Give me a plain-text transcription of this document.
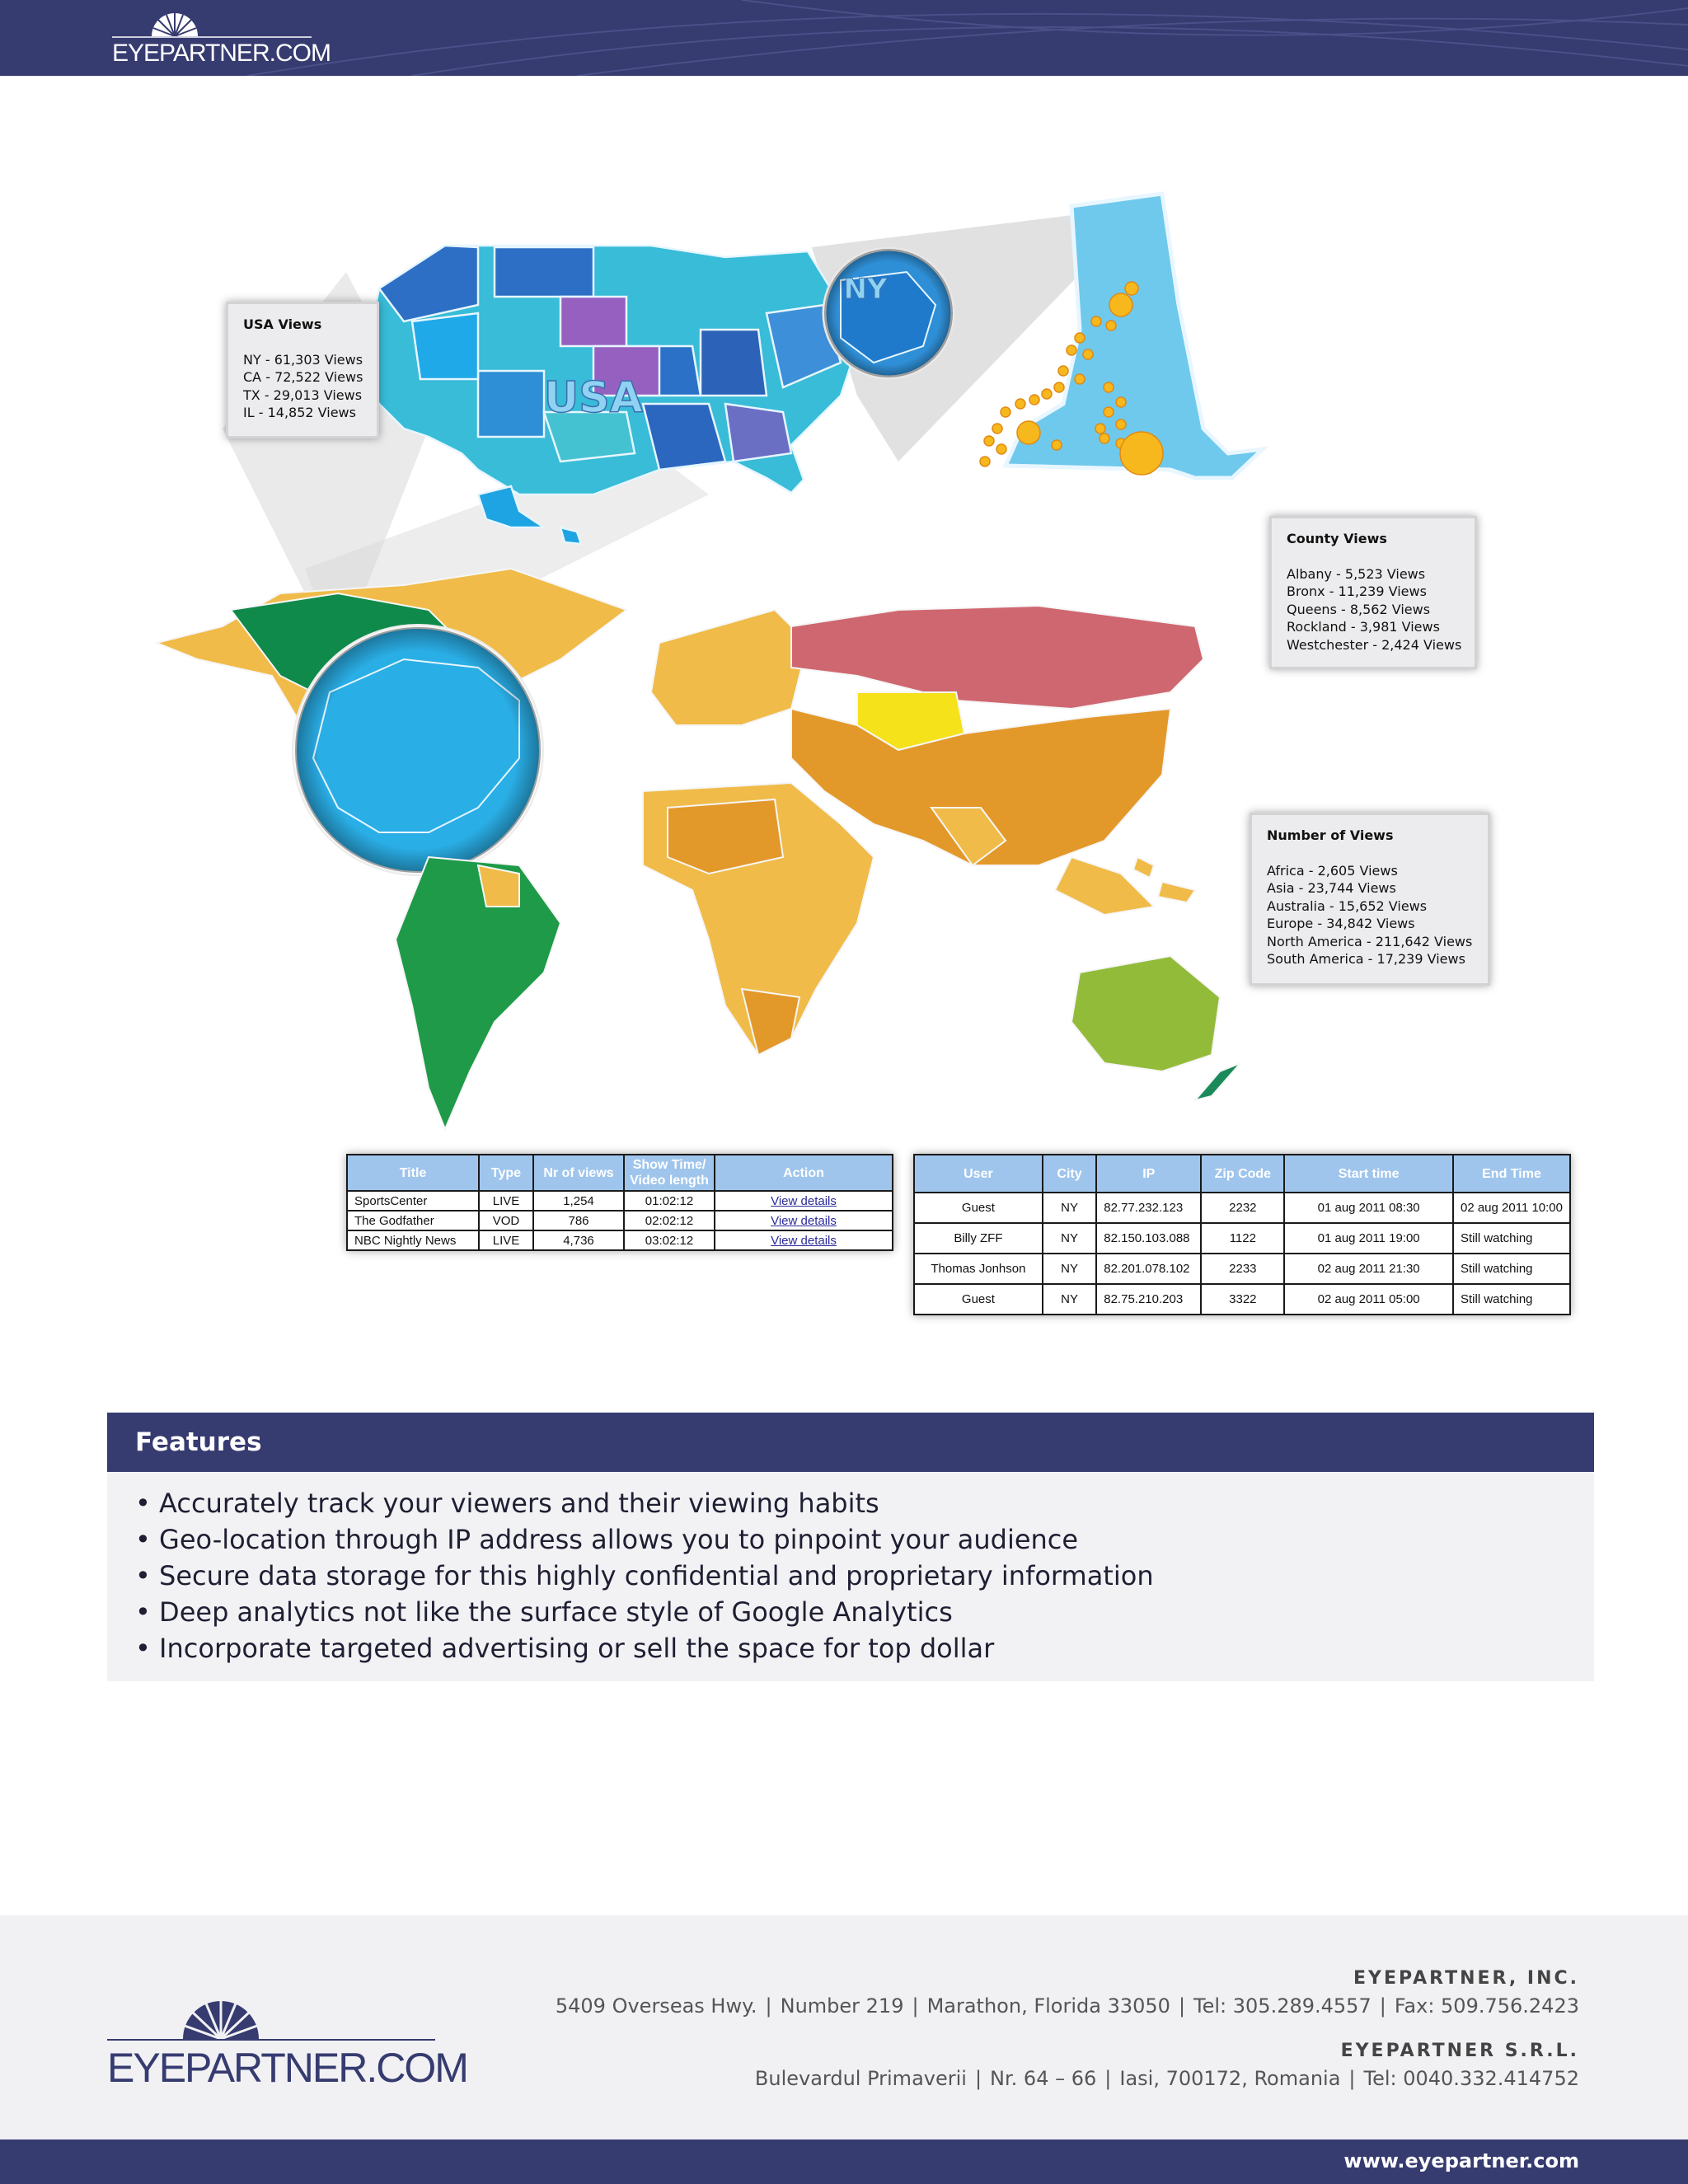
EYEPARTNER.COM
USA
NY
USA Views
NY - 61,303 Views
CA - 72,522 Views
TX - 29,013 Views
IL - 14,852 Views
County Views
Albany - 5,523 Views
Bronx - 11,239 Views
Queens - 8,562 Views
Rockland - 3,981 Views
Westchester - 2,424 Views
Number of Views
Africa - 2,605 Views
Asia - 23,744 Views
Australia - 15,652 Views
Europe - 34,842 Views
North America - 211,642 Views
South America - 17,239 Views
Title	Type	Nr of views	Show Time/
Video length	Action
SportsCenter	LIVE	1,254	01:02:12	View details
The Godfather	VOD	786	02:02:12	View details
NBC Nightly News	LIVE	4,736	03:02:12	View details
User	City	IP	Zip Code	Start time	End Time
Guest	NY	82.77.232.123	2232	01 aug 2011 08:30	02 aug 2011 10:00
Billy ZFF	NY	82.150.103.088	1122	01 aug 2011 19:00	Still watching
Thomas Jonhson	NY	82.201.078.102	2233	02 aug 2011 21:30	Still watching
Guest	NY	82.75.210.203	3322	02 aug 2011 05:00	Still watching
Features
• Accurately track your viewers and their viewing habits
• Geo-location through IP address allows you to pinpoint your audience
• Secure data storage for this highly confidential and proprietary information
• Deep analytics not like the surface style of Google Analytics
• Incorporate targeted advertising or sell the space for top dollar
EYEPARTNER.COM
EYEPARTNER, INC.
5409 Overseas Hwy. | Number 219 | Marathon, Florida 33050 | Tel: 305.289.4557 | Fax: 509.756.2423
EYEPARTNER S.R.L.
Bulevardul Primaverii | Nr. 64 – 66 | Iasi, 700172, Romania | Tel: 0040.332.414752
www.eyepartner.com
